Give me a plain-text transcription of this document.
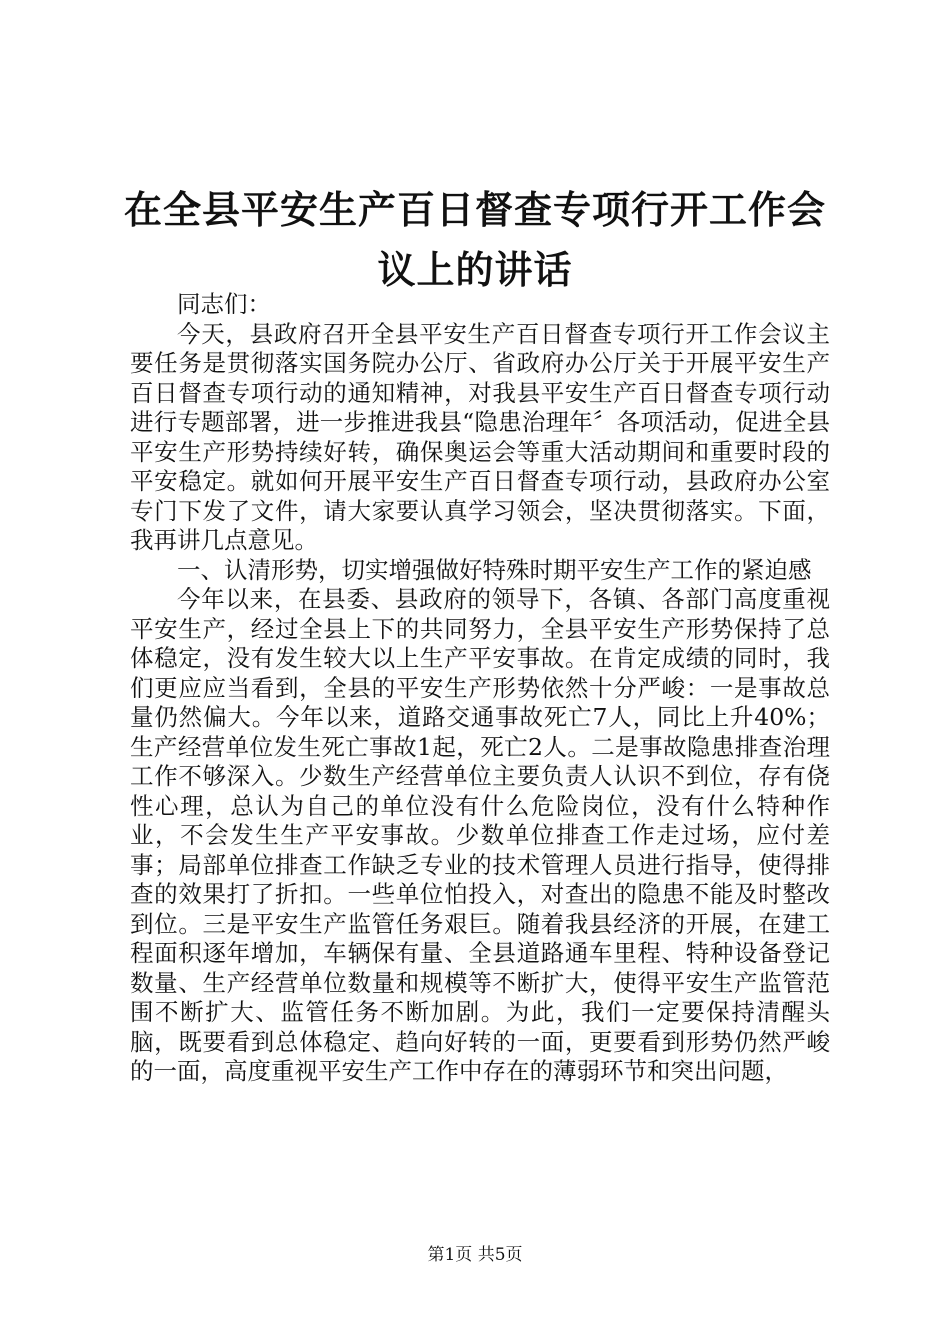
在全县平安生产百日督查专项行开工作会议上的讲话

同志们：

今天，县政府召开全县平安生产百日督查专项行开工作会议主要任务是贯彻落实国务院办公厅、省政府办公厅关于开展平安生产百日督查专项行动的通知精神，对我县平安生产百日督查专项行动进行专题部署，进一步推进我县“隐患治理年〞各项活动，促进全县平安生产形势持续好转，确保奥运会等重大活动期间和重要时段的平安稳定。就如何开展平安生产百日督查专项行动，县政府办公室专门下发了文件，请大家要认真学习领会，坚决贯彻落实。下面，我再讲几点意见。

一、认清形势，切实增强做好特殊时期平安生产工作的紧迫感

今年以来，在县委、县政府的领导下，各镇、各部门高度重视平安生产，经过全县上下的共同努力，全县平安生产形势保持了总体稳定，没有发生较大以上生产平安事故。在肯定成绩的同时，我们更应应当看到，全县的平安生产形势依然十分严峻：一是事故总量仍然偏大。今年以来，道路交通事故死亡7人，同比上升40%；生产经营单位发生死亡事故1起，死亡2人。二是事故隐患排查治理工作不够深入。少数生产经营单位主要负责人认识不到位，存有侥性心理，总认为自己的单位没有什么危险岗位，没有什么特种作业，不会发生生产平安事故。少数单位排查工作走过场，应付差事；局部单位排查工作缺乏专业的技术管理人员进行指导，使得排查的效果打了折扣。一些单位怕投入，对查出的隐患不能及时整改到位。三是平安生产监管任务艰巨。随着我县经济的开展，在建工程面积逐年增加，车辆保有量、全县道路通车里程、特种设备登记数量、生产经营单位数量和规模等不断扩大，使得平安生产监管范围不断扩大、监管任务不断加剧。为此，我们一定要保持清醒头脑，既要看到总体稳定、趋向好转的一面，更要看到形势仍然严峻的一面，高度重视平安生产工作中存在的薄弱环节和突出问题，

第1页 共5页
